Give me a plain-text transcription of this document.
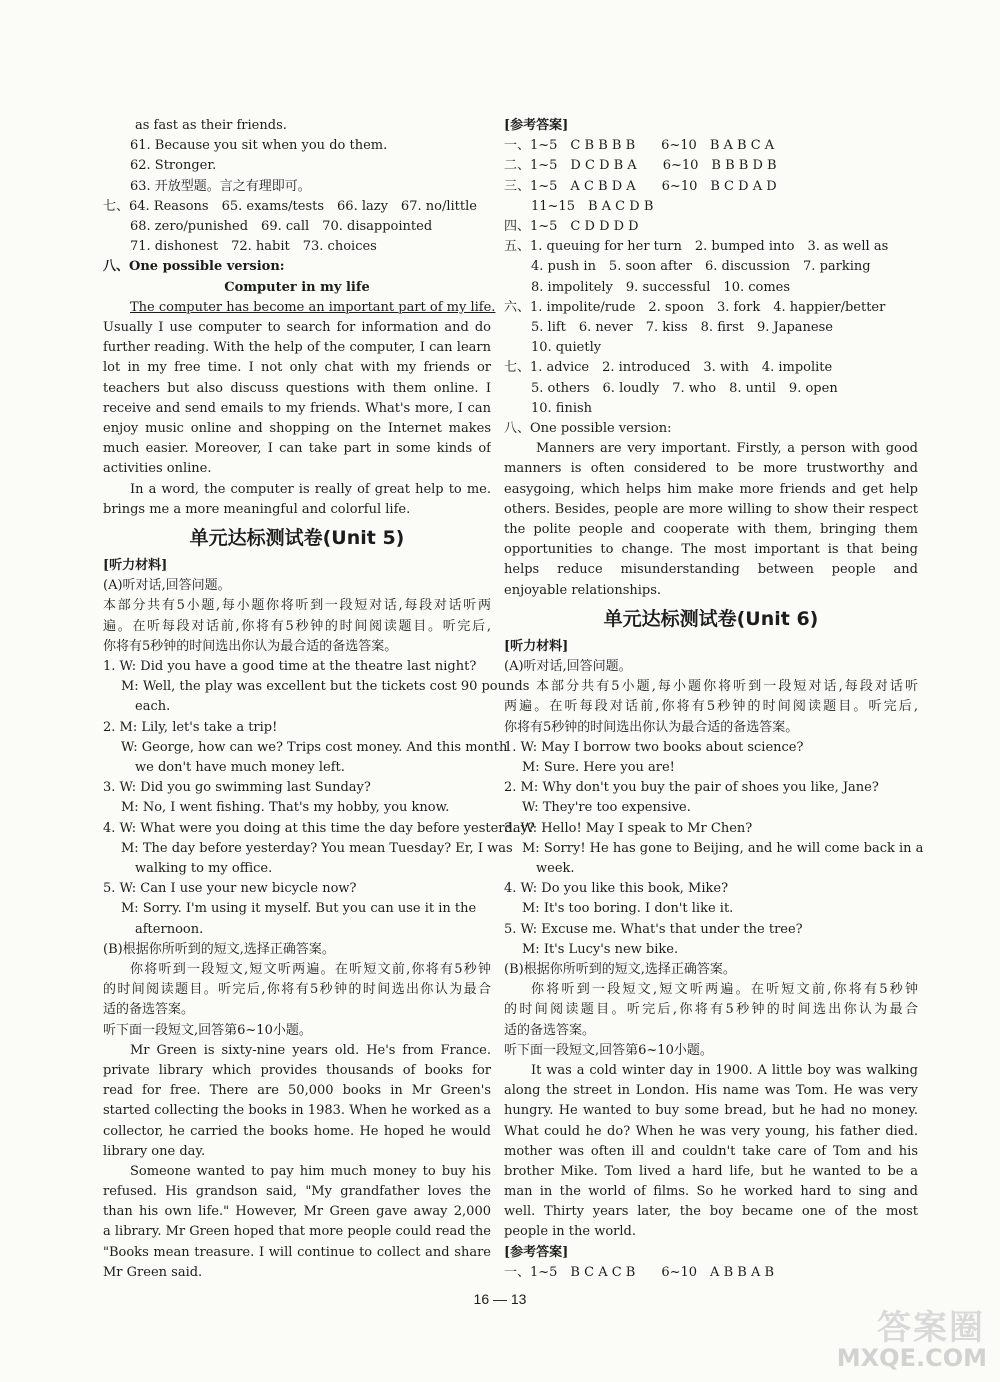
as fast as their friends.
61. Because you sit when you do them.
62. Stronger.
63. 开放型题。言之有理即可。
七、64. Reasons　65. exams/tests　66. lazy　67. no/little
68. zero/punished　69. call　70. disappointed
71. dishonest　72. habit　73. choices
八、One possible version:
Computer in my life
The computer has become an important part of my life.
Usually I use computer to search for information and do
further reading. With the help of the computer, I can learn
lot in my free time. I not only chat with my friends or
teachers but also discuss questions with them online. I
receive and send emails to my friends. What's more, I can
enjoy music online and shopping on the Internet makes
much easier. Moreover, I can take part in some kinds of
activities online.
In a word, the computer is really of great help to me.
brings me a more meaningful and colorful life.
单元达标测试卷(Unit 5)
[听力材料]
(A)听对话,回答问题。
本部分共有5小题,每小题你将听到一段短对话,每段对话听两
遍。在听每段对话前,你将有5秒钟的时间阅读题目。听完后,
你将有5秒钟的时间选出你认为最合适的备选答案。
1. W: Did you have a good time at the theatre last night?
M: Well, the play was excellent but the tickets cost 90 pounds
each.
2. M: Lily, let's take a trip!
W: George, how can we? Trips cost money. And this month
we don't have much money left.
3. W: Did you go swimming last Sunday?
M: No, I went fishing. That's my hobby, you know.
4. W: What were you doing at this time the day before yesterday?
M: The day before yesterday? You mean Tuesday? Er, I was
walking to my office.
5. W: Can I use your new bicycle now?
M: Sorry. I'm using it myself. But you can use it in the
afternoon.
(B)根据你所听到的短文,选择正确答案。
你将听到一段短文,短文听两遍。在听短文前,你将有5秒钟
的时间阅读题目。听完后,你将有5秒钟的时间选出你认为最合
适的备选答案。
听下面一段短文,回答第6~10小题。
Mr Green is sixty-nine years old. He's from France.
private library which provides thousands of books for
read for free. There are 50,000 books in Mr Green's
started collecting the books in 1983. When he worked as a
collector, he carried the books home. He hoped he would
library one day.
Someone wanted to pay him much money to buy his
refused. His grandson said, "My grandfather loves the
than his own life." However, Mr Green gave away 2,000
a library. Mr Green hoped that more people could read the
"Books mean treasure. I will continue to collect and share
Mr Green said.
[参考答案]
一、1~5　C B B B B　　6~10　B A B C A
二、1~5　D C D B A　　6~10　B B B D B
三、1~5　A C B D A　　6~10　B C D A D
11~15　B A C D B
四、1~5　C D D D D
五、1. queuing for her turn　2. bumped into　3. as well as
4. push in　5. soon after　6. discussion　7. parking
8. impolitely　9. successful　10. comes
六、1. impolite/rude　2. spoon　3. fork　4. happier/better
5. lift　6. never　7. kiss　8. first　9. Japanese
10. quietly
七、1. advice　2. introduced　3. with　4. impolite
5. others　6. loudly　7. who　8. until　9. open
10. finish
八、One possible version:
Manners are very important. Firstly, a person with good
manners is often considered to be more trustworthy and
easygoing, which helps him make more friends and get help
others. Besides, people are more willing to show their respect
the polite people and cooperate with them, bringing them
opportunities to change. The most important is that being
helps reduce misunderstanding between people and
enjoyable relationships.
单元达标测试卷(Unit 6)
[听力材料]
(A)听对话,回答问题。
本部分共有5小题,每小题你将听到一段短对话,每段对话听
两遍。在听每段对话前,你将有5秒钟的时间阅读题目。听完后,
你将有5秒钟的时间选出你认为最合适的备选答案。
1. W: May I borrow two books about science?
M: Sure. Here you are!
2. M: Why don't you buy the pair of shoes you like, Jane?
W: They're too expensive.
3. W: Hello! May I speak to Mr Chen?
M: Sorry! He has gone to Beijing, and he will come back in a
week.
4. W: Do you like this book, Mike?
M: It's too boring. I don't like it.
5. W: Excuse me. What's that under the tree?
M: It's Lucy's new bike.
(B)根据你所听到的短文,选择正确答案。
你将听到一段短文,短文听两遍。在听短文前,你将有5秒钟
的时间阅读题目。听完后,你将有5秒钟的时间选出你认为最合
适的备选答案。
听下面一段短文,回答第6~10小题。
It was a cold winter day in 1900. A little boy was walking
along the street in London. His name was Tom. He was very
hungry. He wanted to buy some bread, but he had no money.
What could he do? When he was very young, his father died.
mother was often ill and couldn't take care of Tom and his
brother Mike. Tom lived a hard life, but he wanted to be a
man in the world of films. So he worked hard to sing and
well. Thirty years later, the boy became one of the most
people in the world.
[参考答案]
一、1~5　B C A C B　　6~10　A B B A B
16 — 13
答案圈
MXQE.COM
